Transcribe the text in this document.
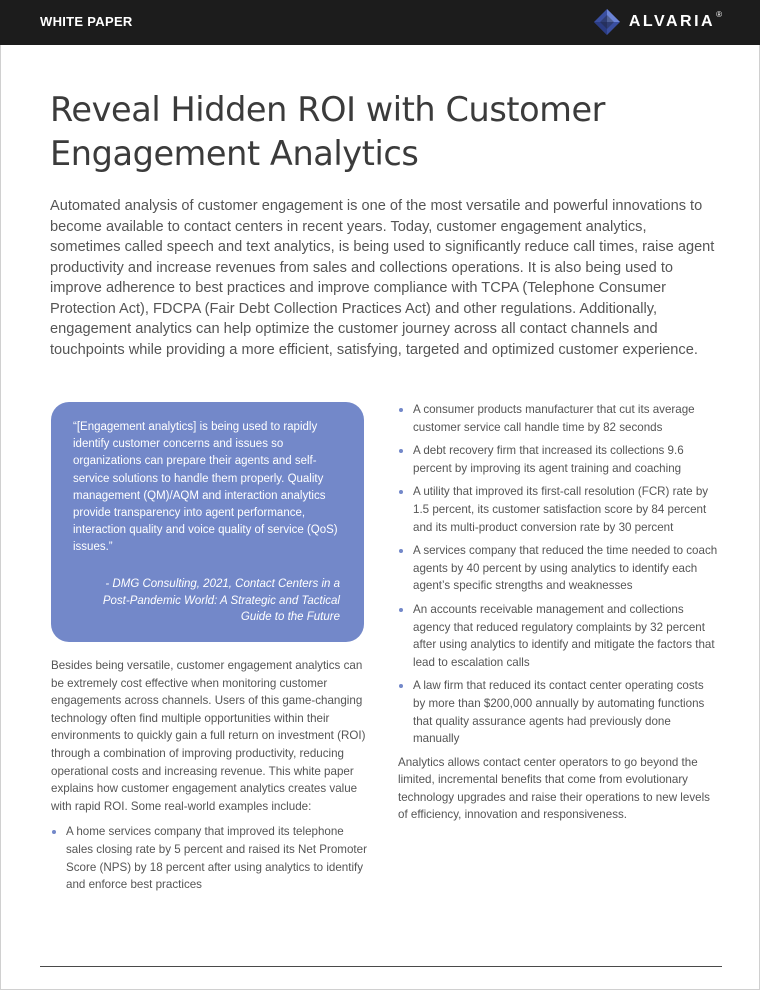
WHITE PAPER	ALVARIA ®
Reveal Hidden ROI with Customer Engagement Analytics

Automated analysis of customer engagement is one of the most versatile and powerful innovations to become available to contact centers in recent years. Today, customer engagement analytics, sometimes called speech and text analytics, is being used to significantly reduce call times, raise agent productivity and increase revenues from sales and collections operations. It is also being used to improve adherence to best practices and improve compliance with TCPA (Telephone Consumer Protection Act), FDCPA (Fair Debt Collection Practices Act) and other regulations. Additionally, engagement analytics can help optimize the customer journey across all contact channels and touchpoints while providing a more efficient, satisfying, targeted and optimized customer experience.

“[Engagement analytics] is being used to rapidly identify customer concerns and issues so organizations can prepare their agents and self-service solutions to handle them properly. Quality management (QM)/AQM and interaction analytics provide transparency into agent performance, interaction quality and voice quality of service (QoS) issues.”

- DMG Consulting, 2021, Contact Centers in a Post-Pandemic World: A Strategic and Tactical Guide to the Future

Besides being versatile, customer engagement analytics can be extremely cost effective when monitoring customer engagements across channels. Users of this game-changing technology often find multiple opportunities within their environments to quickly gain a full return on investment (ROI) through a combination of improving productivity, reducing operational costs and increasing revenue. This white paper explains how customer engagement analytics creates value with rapid ROI. Some real-world examples include:

A home services company that improved its telephone sales closing rate by 5 percent and raised its Net Promoter Score (NPS) by 18 percent after using analytics to identify and enforce best practices
A consumer products manufacturer that cut its average customer service call handle time by 82 seconds
A debt recovery firm that increased its collections 9.6 percent by improving its agent training and coaching
A utility that improved its first-call resolution (FCR) rate by 1.5 percent, its customer satisfaction score by 84 percent and its multi-product conversion rate by 30 percent
A services company that reduced the time needed to coach agents by 40 percent by using analytics to identify each agent’s specific strengths and weaknesses
An accounts receivable management and collections agency that reduced regulatory complaints by 32 percent after using analytics to identify and mitigate the factors that lead to escalation calls
A law firm that reduced its contact center operating costs by more than $200,000 annually by automating functions that quality assurance agents had previously done manually

Analytics allows contact center operators to go beyond the limited, incremental benefits that come from evolutionary technology upgrades and raise their operations to new levels of efficiency, innovation and responsiveness.
